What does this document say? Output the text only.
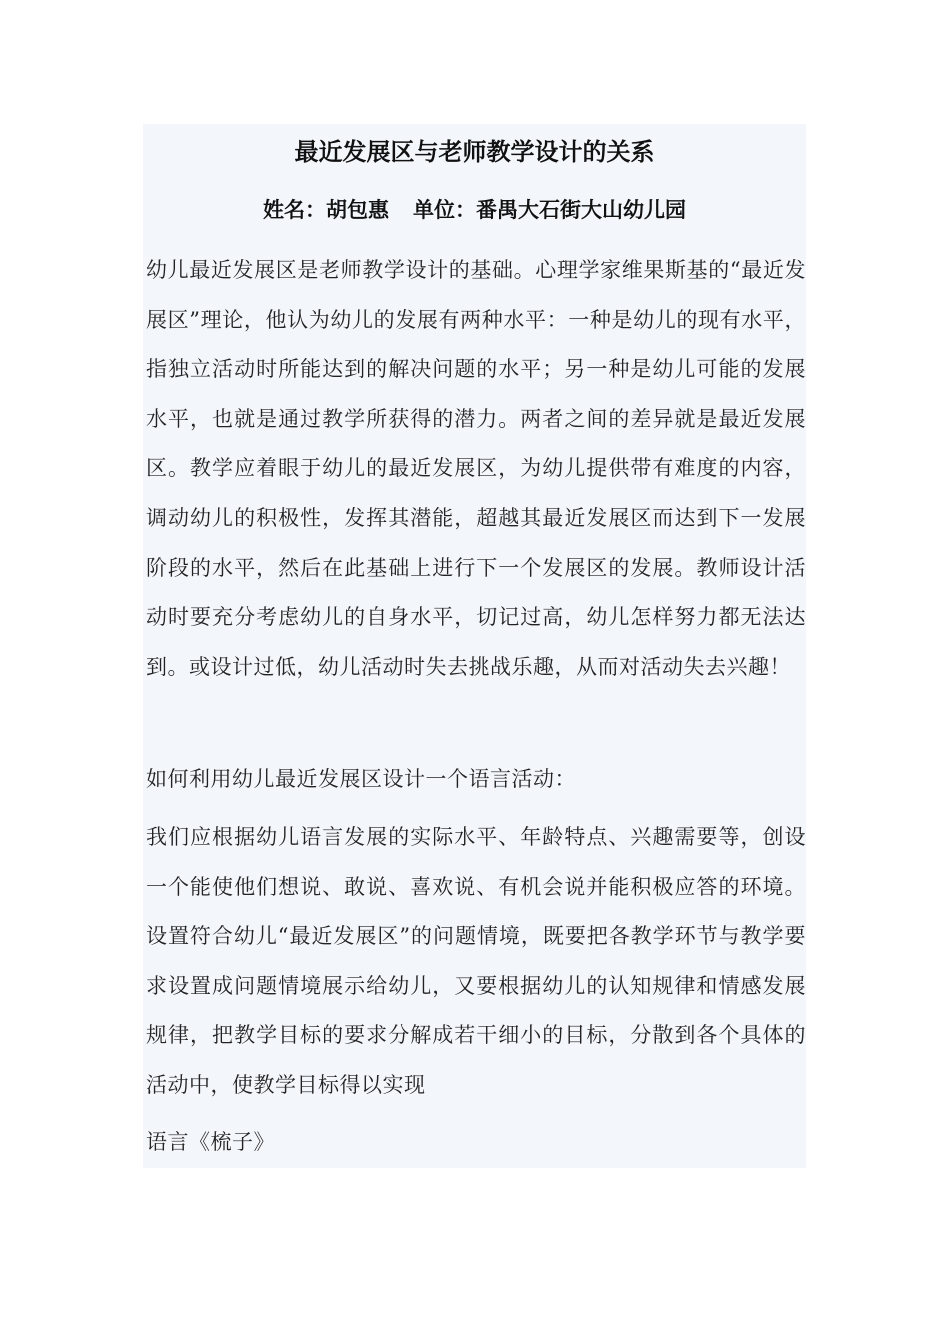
最近发展区与老师教学设计的关系

姓名：胡包惠 单位：番禺大石街大山幼儿园

幼儿最近发展区是老师教学设计的基础。心理学家维果斯基的“最近发展区”理论，他认为幼儿的发展有两种水平：一种是幼儿的现有水平，指独立活动时所能达到的解决问题的水平；另一种是幼儿可能的发展水平，也就是通过教学所获得的潜力。两者之间的差异就是最近发展区。教学应着眼于幼儿的最近发展区，为幼儿提供带有难度的内容，调动幼儿的积极性，发挥其潜能，超越其最近发展区而达到下一发展阶段的水平，然后在此基础上进行下一个发展区的发展。教师设计活动时要充分考虑幼儿的自身水平，切记过高，幼儿怎样努力都无法达到。或设计过低，幼儿活动时失去挑战乐趣，从而对活动失去兴趣！

如何利用幼儿最近发展区设计一个语言活动：

我们应根据幼儿语言发展的实际水平、年龄特点、兴趣需要等，创设一个能使他们想说、敢说、喜欢说、有机会说并能积极应答的环境。设置符合幼儿“最近发展区”的问题情境，既要把各教学环节与教学要求设置成问题情境展示给幼儿，又要根据幼儿的认知规律和情感发展规律，把教学目标的要求分解成若干细小的目标，分散到各个具体的活动中，使教学目标得以实现

语言《梳子》
